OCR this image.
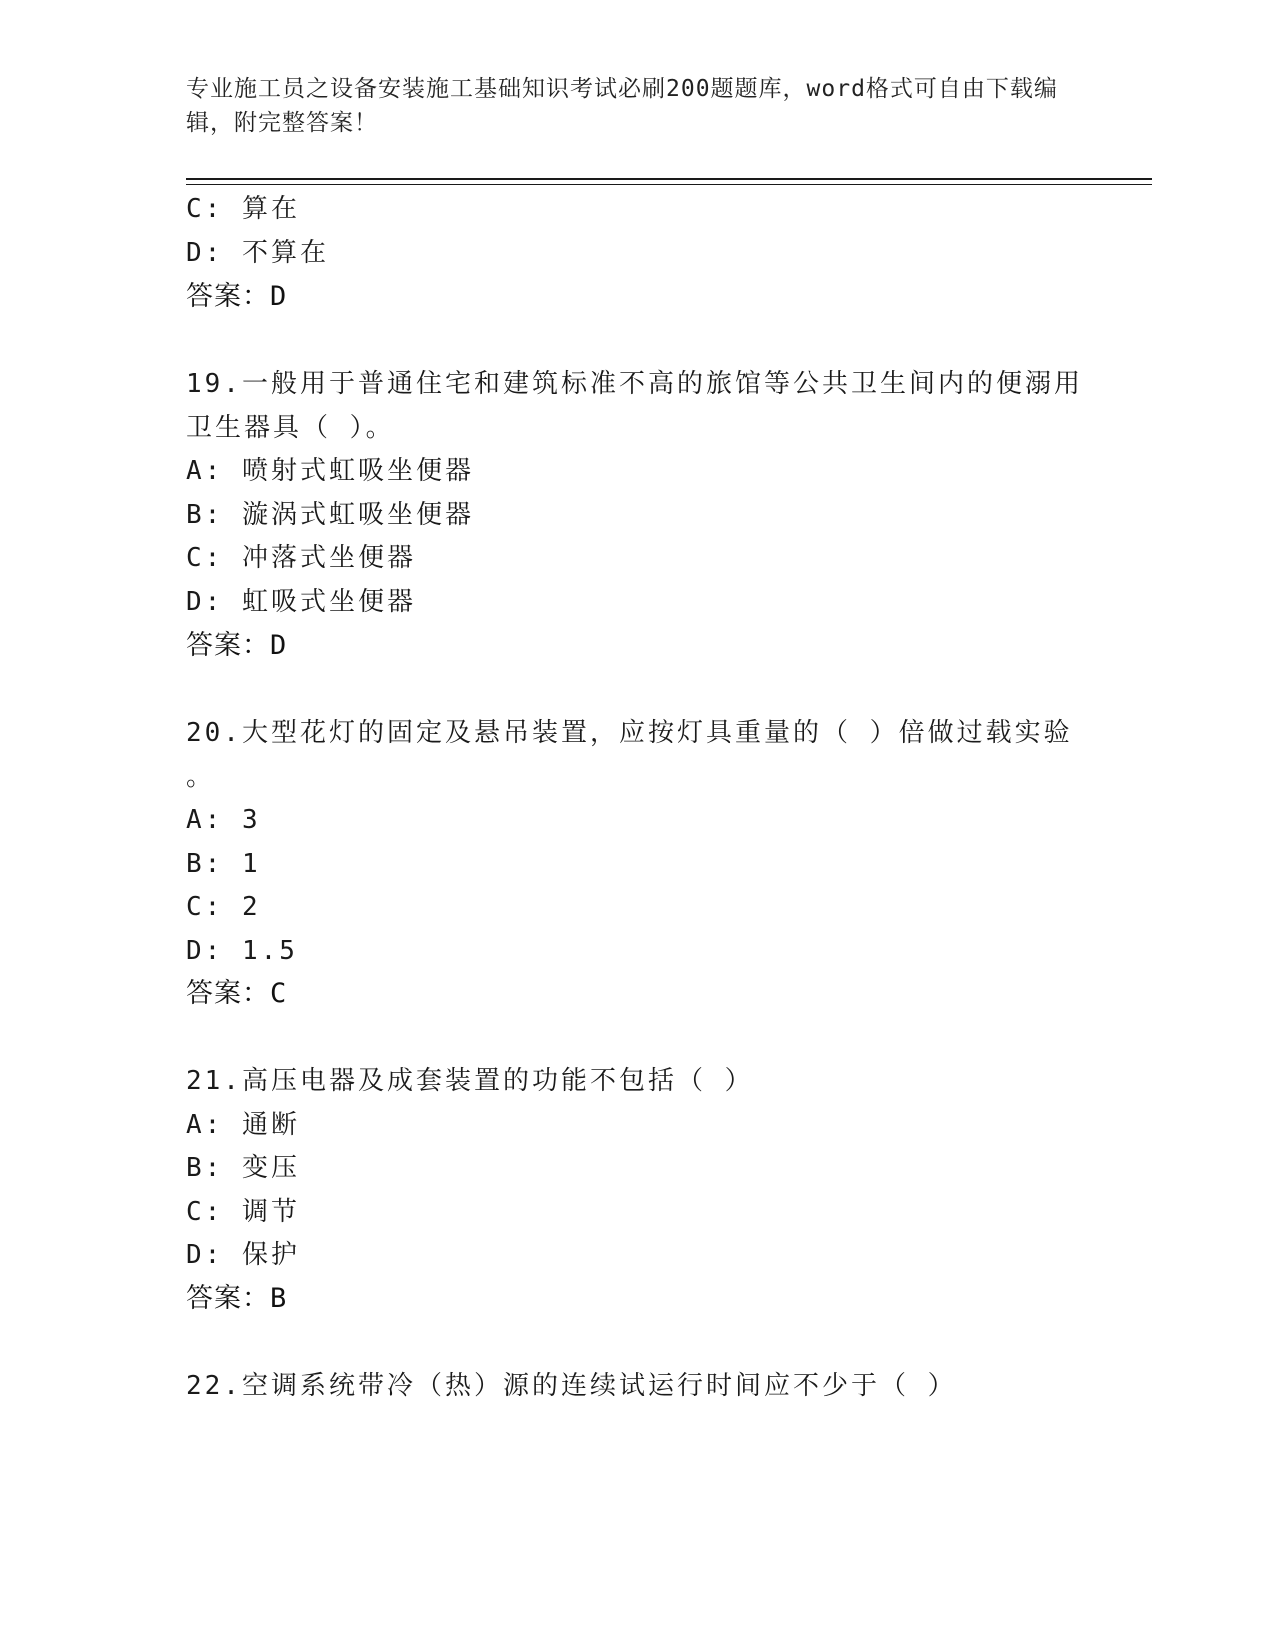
专业施工员之设备安装施工基础知识考试必刷200题题库，word格式可自由下载编辑，附完整答案！
C: 算在
D: 不算在
答案：D
19.一般用于普通住宅和建筑标准不高的旅馆等公共卫生间内的便溺用
卫生器具（ ）。
A: 喷射式虹吸坐便器
B: 漩涡式虹吸坐便器
C: 冲落式坐便器
D: 虹吸式坐便器
答案：D
20.大型花灯的固定及悬吊装置，应按灯具重量的（ ）倍做过载实验
。
A: 3
B: 1
C: 2
D: 1.5
答案：C
21.高压电器及成套装置的功能不包括（ ）
A: 通断
B: 变压
C: 调节
D: 保护
答案：B
22.空调系统带冷（热）源的连续试运行时间应不少于（ ）
